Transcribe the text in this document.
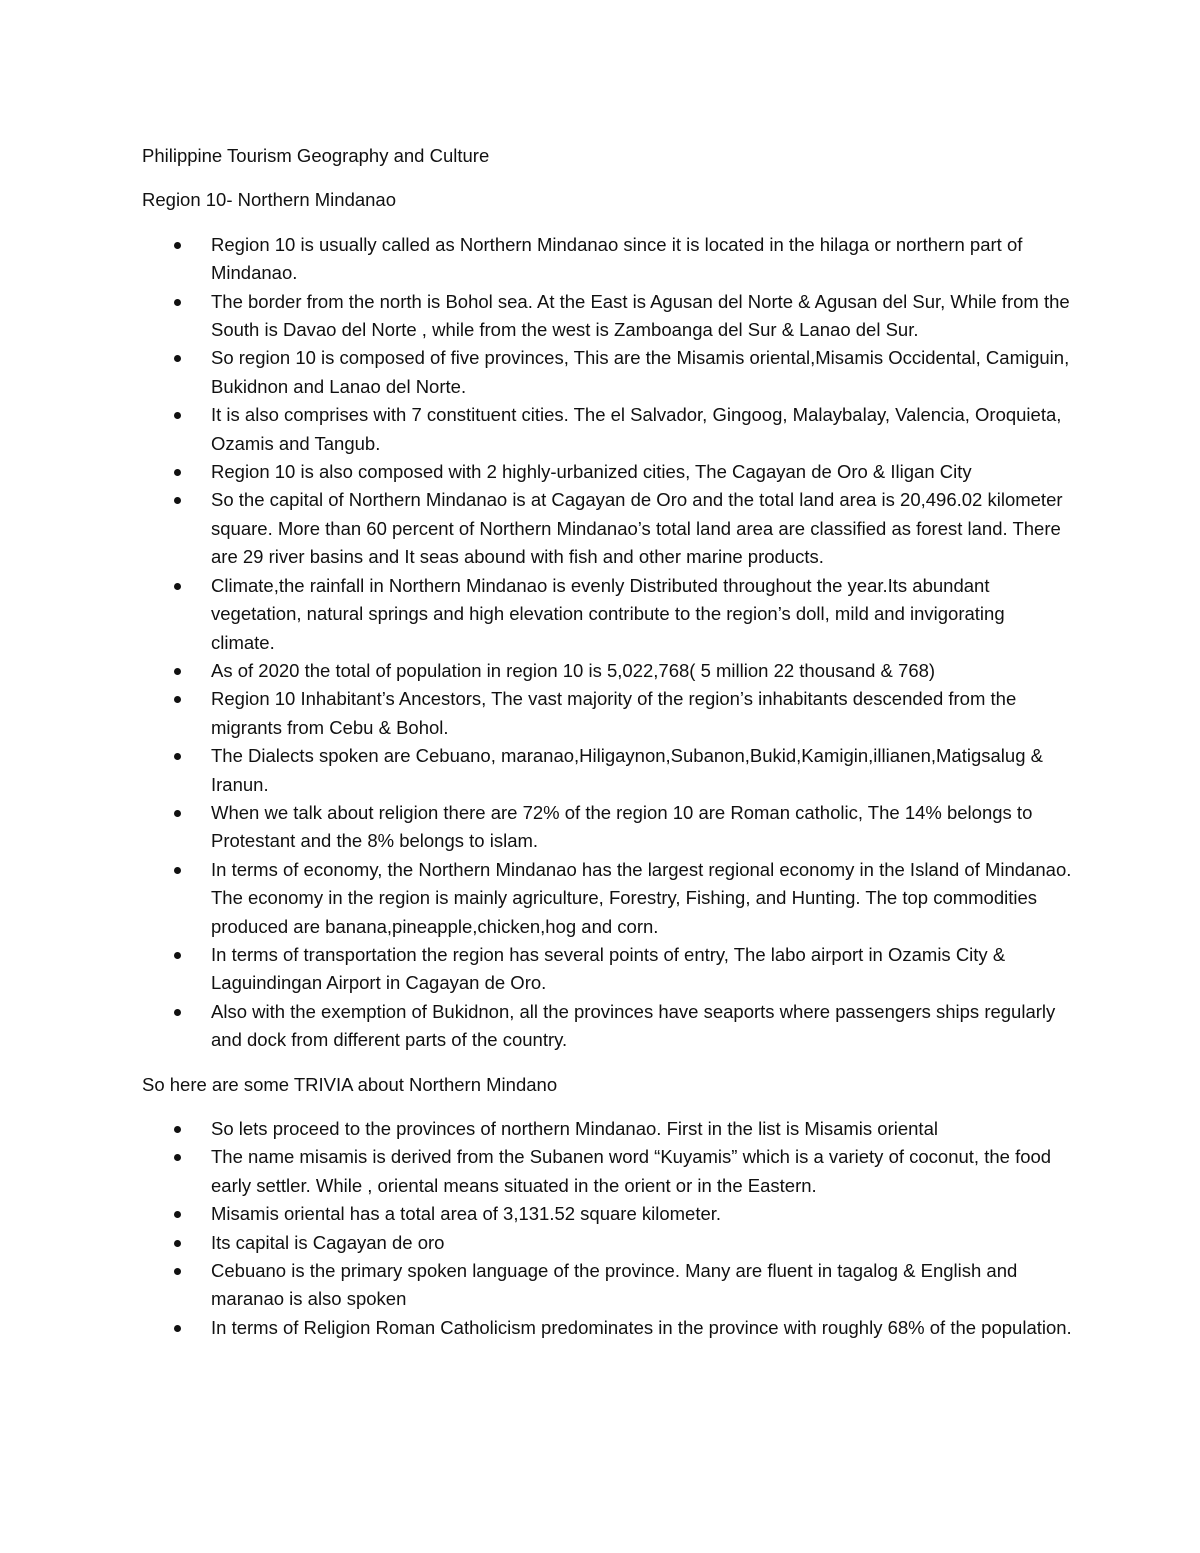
Philippine Tourism Geography and Culture

Region 10- Northern Mindanao

Region 10 is usually called as Northern Mindanao since it is located in the hilaga or northern part of Mindanao.
The border from the north is Bohol sea. At the East is Agusan del Norte & Agusan del Sur, While from the South is Davao del Norte , while from the west is Zamboanga del Sur & Lanao del Sur.
So region 10 is composed of five provinces, This are the Misamis oriental,Misamis Occidental, Camiguin, Bukidnon and Lanao del Norte.
It is also comprises with 7 constituent cities. The el Salvador, Gingoog, Malaybalay, Valencia, Oroquieta, Ozamis and Tangub.
Region 10 is also composed with 2 highly-urbanized cities, The Cagayan de Oro & Iligan City
So the capital of Northern Mindanao is at Cagayan de Oro and the total land area is 20,496.02 kilometer square. More than 60 percent of Northern Mindanao’s total land area are classified as forest land. There are 29 river basins and It seas abound with fish and other marine products.
Climate,the rainfall in Northern Mindanao is evenly Distributed throughout the year.Its abundant vegetation, natural springs and high elevation contribute to the region’s doll, mild and invigorating climate.
As of 2020 the total of population in region 10 is 5,022,768( 5 million 22 thousand & 768)
Region 10 Inhabitant’s Ancestors, The vast majority of the region’s inhabitants descended from the migrants from Cebu & Bohol.
The Dialects spoken are Cebuano, maranao,Hiligaynon,Subanon,Bukid,Kamigin,illianen,Matigsalug & Iranun.
When we talk about religion there are 72% of the region 10 are Roman catholic, The 14% belongs to Protestant and the 8% belongs to islam.
In terms of economy, the Northern Mindanao has the largest regional economy in the Island of Mindanao. The economy in the region is mainly agriculture, Forestry, Fishing, and Hunting. The top commodities produced are banana,pineapple,chicken,hog and corn.
In terms of transportation the region has several points of entry, The labo airport in Ozamis City & Laguindingan Airport in Cagayan de Oro.
Also with the exemption of Bukidnon, all the provinces have seaports where passengers ships regularly and dock from different parts of the country.

So here are some TRIVIA about Northern Mindano

So lets proceed to the provinces of northern Mindanao. First in the list is Misamis oriental
The name misamis is derived from the Subanen word “Kuyamis” which is a variety of coconut, the food early settler. While , oriental means situated in the orient or in the Eastern.
Misamis oriental has a total area of 3,131.52 square kilometer.
Its capital is Cagayan de oro
Cebuano is the primary spoken language of the province. Many are fluent in tagalog & English and maranao is also spoken
In terms of Religion Roman Catholicism predominates in the province with roughly 68% of the population.
